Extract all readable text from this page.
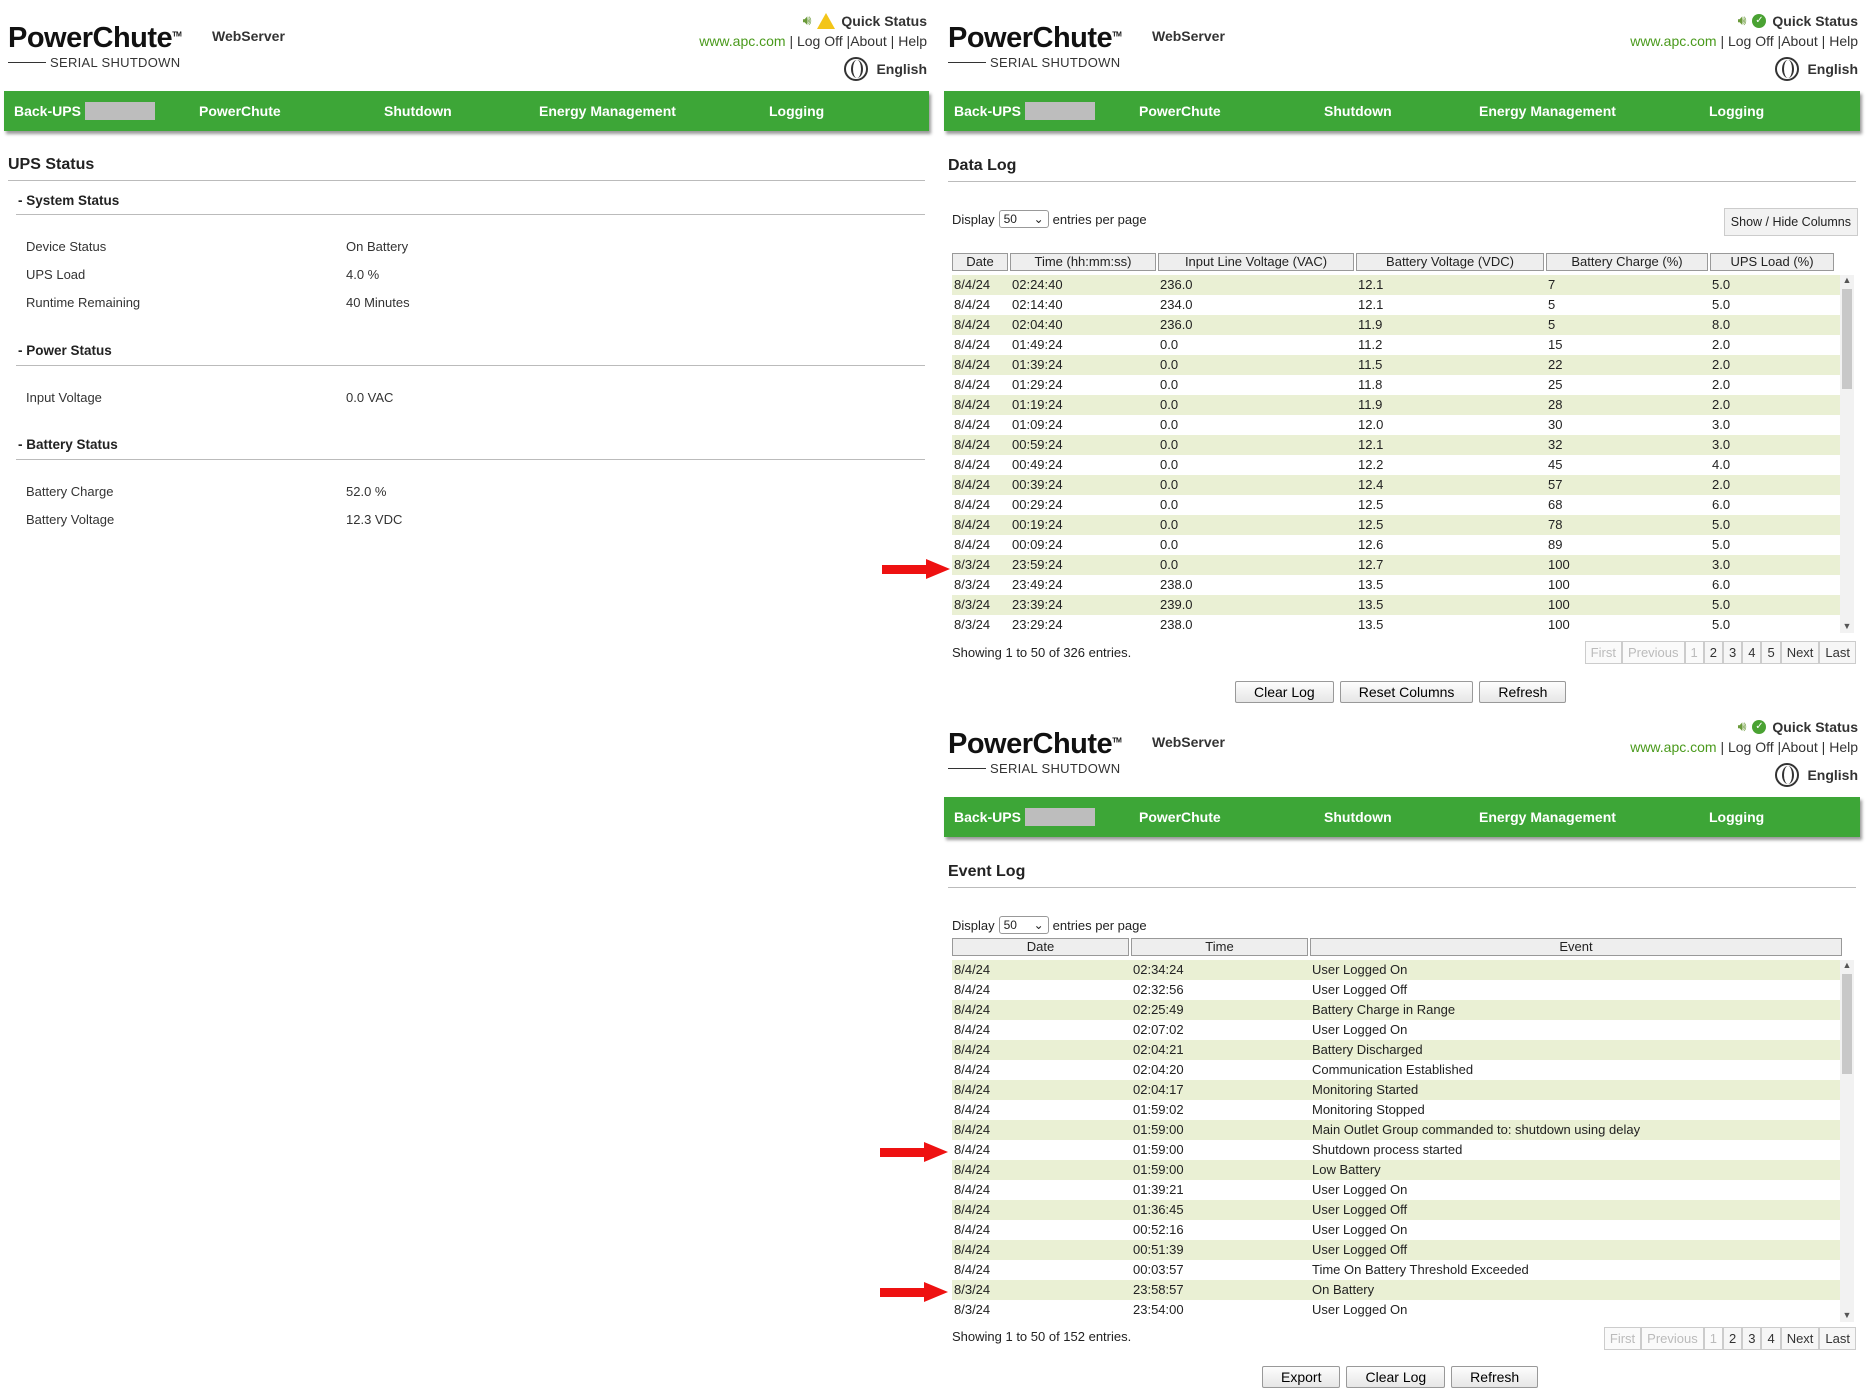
PowerChute™
SERIAL SHUTDOWN
WebServer
🔊︎ Quick Status
www.apc.com | Log Off |About | Help
English
Back-UPS	PowerChute	Shutdown	Energy Management	Logging
UPS Status
- System Status
Device Status	On Battery
UPS Load	4.0 %
Runtime Remaining	40 Minutes
- Power Status
Input Voltage	0.0 VAC
- Battery Status
Battery Charge	52.0 %
Battery Voltage	12.3 VDC
PowerChute™
SERIAL SHUTDOWN
WebServer
🔊︎ ✓ Quick Status
www.apc.com | Log Off |About | Help
English
Back-UPS	PowerChute	Shutdown	Energy Management	Logging
Data Log
Display 50 ⌄ entries per page	Show / Hide Columns
Date	Time (hh:mm:ss)	Input Line Voltage (VAC)	Battery Voltage (VDC)	Battery Charge (%)	UPS Load (%)
8/4/24	02:24:40	236.0	12.1	7	5.0
8/4/24	02:14:40	234.0	12.1	5	5.0
8/4/24	02:04:40	236.0	11.9	5	8.0
8/4/24	01:49:24	0.0	11.2	15	2.0
8/4/24	01:39:24	0.0	11.5	22	2.0
8/4/24	01:29:24	0.0	11.8	25	2.0
8/4/24	01:19:24	0.0	11.9	28	2.0
8/4/24	01:09:24	0.0	12.0	30	3.0
8/4/24	00:59:24	0.0	12.1	32	3.0
8/4/24	00:49:24	0.0	12.2	45	4.0
8/4/24	00:39:24	0.0	12.4	57	2.0
8/4/24	00:29:24	0.0	12.5	68	6.0
8/4/24	00:19:24	0.0	12.5	78	5.0
8/4/24	00:09:24	0.0	12.6	89	5.0
8/3/24	23:59:24	0.0	12.7	100	3.0
8/3/24	23:49:24	238.0	13.5	100	6.0
8/3/24	23:39:24	239.0	13.5	100	5.0
8/3/24	23:29:24	238.0	13.5	100	5.0
▲
▼
Showing 1 to 50 of 326 entries.	First Previous 1 2 3 4 5 Next Last
Clear Log	Reset Columns	Refresh
PowerChute™
SERIAL SHUTDOWN
WebServer
🔊︎ ✓ Quick Status
www.apc.com | Log Off |About | Help
English
Back-UPS	PowerChute	Shutdown	Energy Management	Logging
Event Log
Display 50 ⌄ entries per page
Date	Time	Event
8/4/24	02:34:24	User Logged On
8/4/24	02:32:56	User Logged Off
8/4/24	02:25:49	Battery Charge in Range
8/4/24	02:07:02	User Logged On
8/4/24	02:04:21	Battery Discharged
8/4/24	02:04:20	Communication Established
8/4/24	02:04:17	Monitoring Started
8/4/24	01:59:02	Monitoring Stopped
8/4/24	01:59:00	Main Outlet Group commanded to: shutdown using delay
8/4/24	01:59:00	Shutdown process started
8/4/24	01:59:00	Low Battery
8/4/24	01:39:21	User Logged On
8/4/24	01:36:45	User Logged Off
8/4/24	00:52:16	User Logged On
8/4/24	00:51:39	User Logged Off
8/4/24	00:03:57	Time On Battery Threshold Exceeded
8/3/24	23:58:57	On Battery
8/3/24	23:54:00	User Logged On
▲
▼
Showing 1 to 50 of 152 entries.	First Previous 1 2 3 4 Next Last
Export	Clear Log	Refresh
